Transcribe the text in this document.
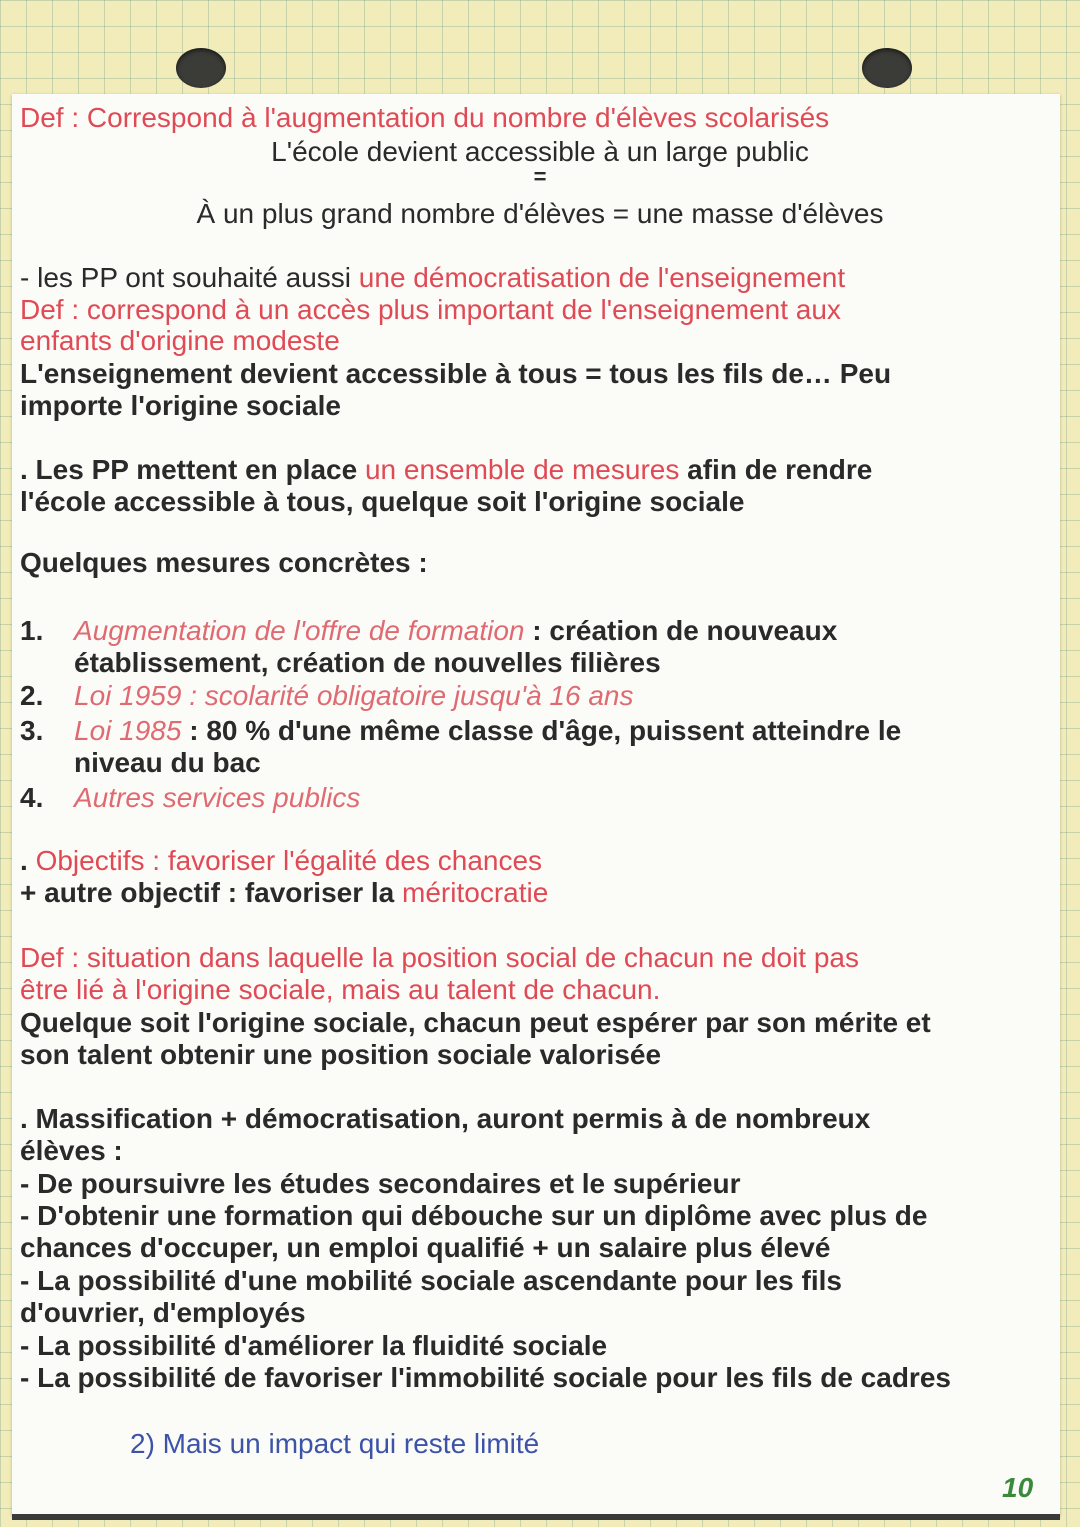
Def : Correspond à l'augmentation du nombre d'élèves scolarisés
L'école devient accessible à un large public
=
À un plus grand nombre d'élèves = une masse d'élèves
- les PP ont souhaité aussi une démocratisation de l'enseignement
Def : correspond à un accès plus important de l'enseignement aux
enfants d'origine modeste
L'enseignement devient accessible à tous = tous les fils de… Peu
importe l'origine sociale
. Les PP mettent en place un ensemble de mesures afin de rendre
l'école accessible à tous, quelque soit l'origine sociale
Quelques mesures concrètes :
1. Augmentation de l'offre de formation : création de nouveaux
établissement, création de nouvelles filières
2. Loi 1959 : scolarité obligatoire jusqu'à 16 ans
3. Loi 1985 : 80 % d'une même classe d'âge, puissent atteindre le
niveau du bac
4. Autres services publics
. Objectifs : favoriser l'égalité des chances
+ autre objectif : favoriser la méritocratie
Def : situation dans laquelle la position social de chacun ne doit pas
être lié à l'origine sociale, mais au talent de chacun.
Quelque soit l'origine sociale, chacun peut espérer par son mérite et
son talent obtenir une position sociale valorisée
. Massification + démocratisation, auront permis à de nombreux
élèves :
- De poursuivre les études secondaires et le supérieur
- D'obtenir une formation qui débouche sur un diplôme avec plus de
chances d'occuper, un emploi qualifié + un salaire plus élevé
- La possibilité d'une mobilité sociale ascendante pour les fils
d'ouvrier, d'employés
- La possibilité d'améliorer la fluidité sociale
- La possibilité de favoriser l'immobilité sociale pour les fils de cadres
2) Mais un impact qui reste limité
10
